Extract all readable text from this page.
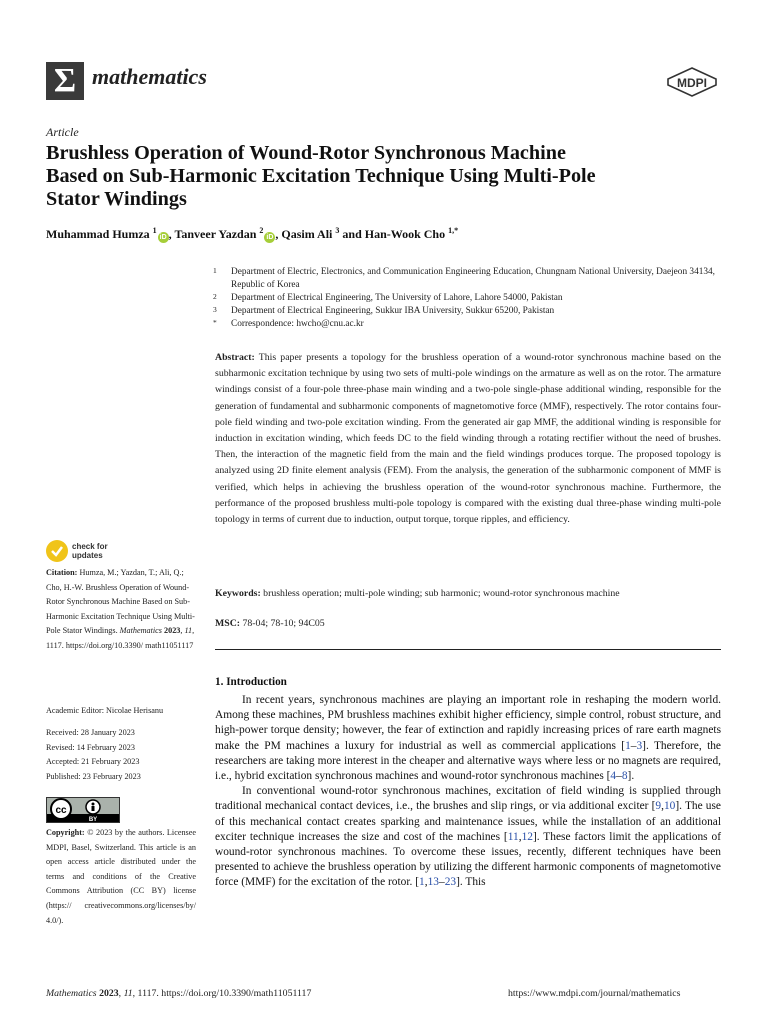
Σ mathematics	MDPI
Article
Brushless Operation of Wound-Rotor Synchronous Machine
Based on Sub-Harmonic Excitation Technique Using Multi-Pole
Stator Windings
Muhammad Humza $^1$iD , Tanveer Yazdan $^2$iD , Qasim Ali $^3$ and Han-Wook Cho $^{1,*}$
1 Department of Electric, Electronics, and Communication Engineering Education, Chungnam National University, Daejeon 34134, Republic of Korea
2 Department of Electrical Engineering, The University of Lahore, Lahore 54000, Pakistan
3 Department of Electrical Engineering, Sukkur IBA University, Sukkur 65200, Pakistan
* Correspondence: hwcho@cnu.ac.kr
Abstract: This paper presents a topology for the brushless operation of a wound-rotor synchronous machine based on the subharmonic excitation technique by using two sets of multi-pole windings on the armature as well as on the rotor. The armature windings consist of a four-pole three-phase main winding and a two-pole single-phase additional winding, responsible for the generation of fundamental and subharmonic components of magnetomotive force (MMF), respectively. The rotor contains four-pole field winding and two-pole excitation winding. From the generated air gap MMF, the additional winding is responsible for induction in excitation winding, which feeds DC to the field winding through a rotating rectifier without the need of brushes. Then, the interaction of the magnetic field from the main and the field windings produces torque. The proposed topology is analyzed using 2D finite element analysis (FEM). From the analysis, the generation of the subharmonic component of MMF is verified, which helps in achieving the brushless operation of the wound-rotor synchronous machine. Furthermore, the performance of the proposed brushless multi-pole topology is compared with the existing dual three-phase winding multi-pole topology in terms of current due to induction, output torque, torque ripples, and efficiency.
Keywords: brushless operation; multi-pole winding; sub harmonic; wound-rotor synchronous machine
MSC: 78-04; 78-10; 94C05
1. Introduction

In recent years, synchronous machines are playing an important role in reshaping the modern world. Among these machines, PM brushless machines exhibit higher efficiency, simple control, robust structure, and high-power torque density; however, the fear of extinction and rapidly increasing prices of rare earth magnets make the PM machines a luxury for industrial as well as commercial applications [1–3]. Therefore, the researchers are taking more interest in the cheaper and alternative ways where less or no magnets are required, i.e., hybrid excitation synchronous machines and wound-rotor synchronous machines [4–8].

In conventional wound-rotor synchronous machines, excitation of field winding is supplied through traditional mechanical contact devices, i.e., the brushes and slip rings, or via additional exciter [9,10]. The use of this mechanical contact creates sparking and maintenance issues, while the installation of an additional exciter technique increases the size and cost of the machines [11,12]. These factors limit the applications of wound-rotor synchronous machines. To overcome these issues, recently, different techniques have been presented to achieve the brushless operation by utilizing the different harmonic components of magnetomotive force (MMF) for the excitation of the rotor. [1,13–23]. This

check for
updates
Citation: Humza, M.; Yazdan, T.; Ali, Q.; Cho, H.-W. Brushless Operation of Wound-Rotor Synchronous Machine Based on Sub-Harmonic Excitation Technique Using Multi-Pole Stator Windings. Mathematics 2023, 11, 1117. https://doi.org/10.3390/ math11051117
Academic Editor: Nicolae Herisanu
Received: 28 January 2023
Revised: 14 February 2023
Accepted: 21 February 2023
Published: 23 February 2023
cc
BY
Copyright: © 2023 by the authors. Licensee MDPI, Basel, Switzerland. This article is an open access article distributed under the terms and conditions of the Creative Commons Attribution (CC BY) license (https:// creativecommons.org/licenses/by/ 4.0/).
Mathematics 2023, 11, 1117. https://doi.org/10.3390/math11051117	https://www.mdpi.com/journal/mathematics
